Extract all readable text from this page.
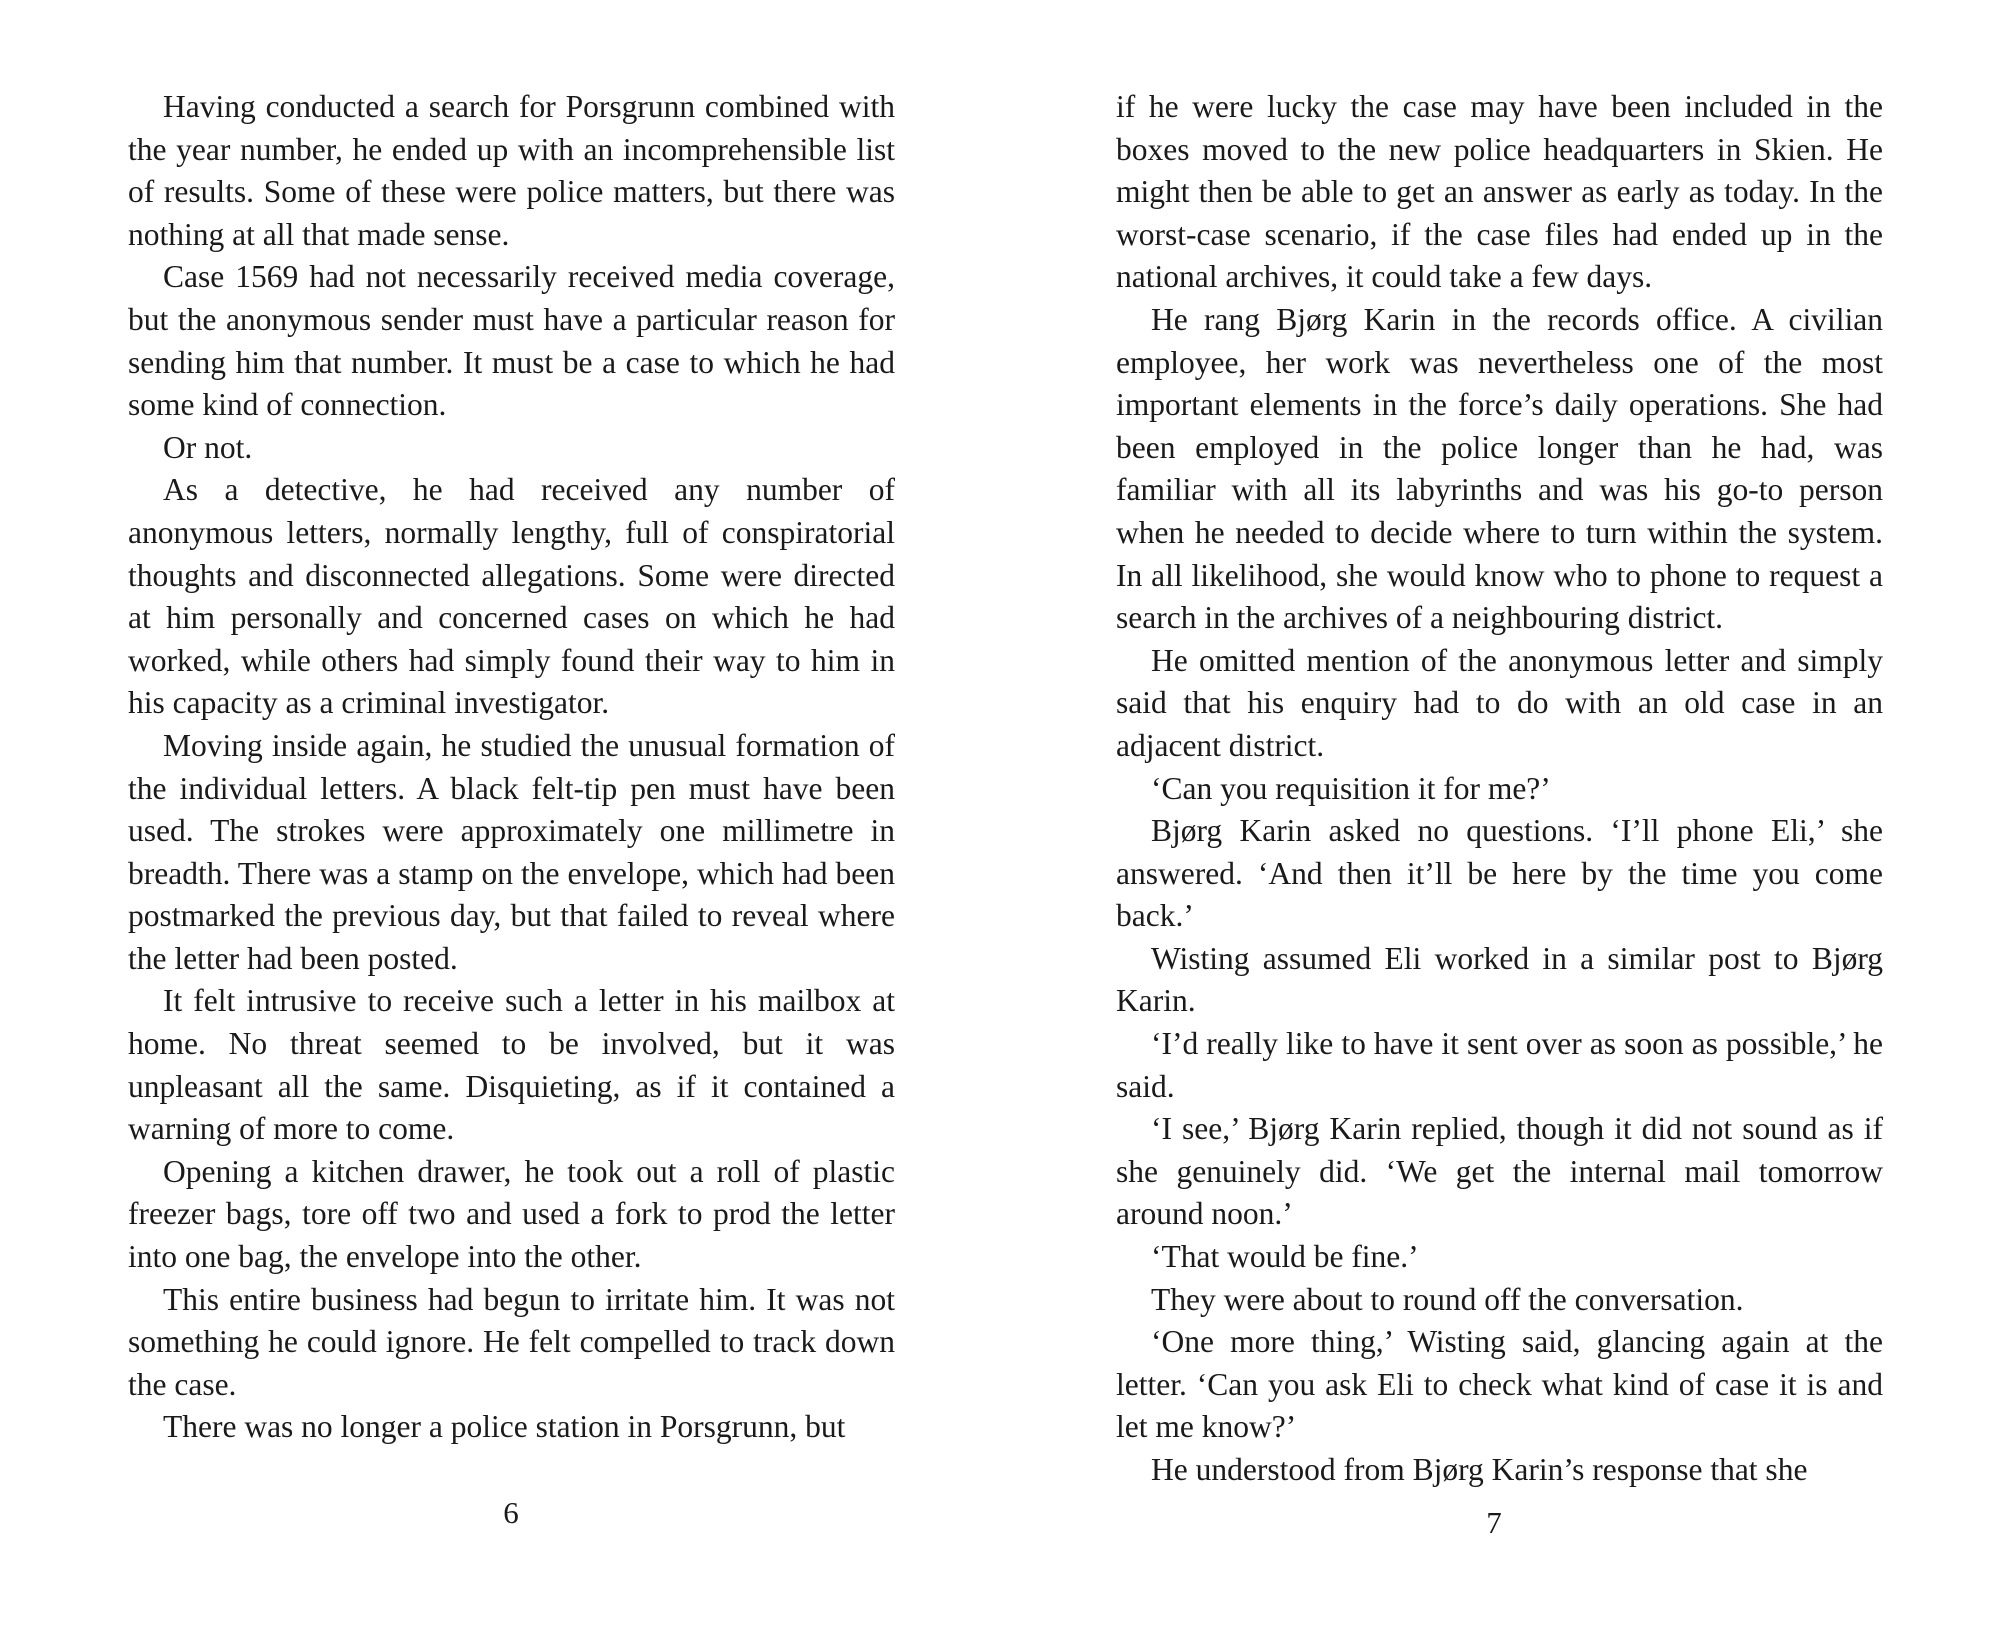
Having conducted a search for Porsgrunn combined with the year number, he ended up with an incomprehensible list of results. Some of these were police matters, but there was nothing at all that made sense.

Case 1569 had not necessarily received media coverage, but the anonymous sender must have a particular reason for sending him that number. It must be a case to which he had some kind of connection.

Or not.

As a detective, he had received any number of anonymous letters, normally lengthy, full of conspiratorial thoughts and disconnected allegations. Some were directed at him personally and concerned cases on which he had worked, while others had simply found their way to him in his capacity as a criminal investigator.

Moving inside again, he studied the unusual formation of the individual letters. A black felt-tip pen must have been used. The strokes were approximately one millimetre in breadth. There was a stamp on the envelope, which had been postmarked the previous day, but that failed to reveal where the letter had been posted.

It felt intrusive to receive such a letter in his mailbox at home. No threat seemed to be involved, but it was unpleasant all the same. Disquieting, as if it contained a warning of more to come.

Opening a kitchen drawer, he took out a roll of plastic freezer bags, tore off two and used a fork to prod the letter into one bag, the envelope into the other.

This entire business had begun to irritate him. It was not something he could ignore. He felt compelled to track down the case.

There was no longer a police station in Porsgrunn, but

6

if he were lucky the case may have been included in the boxes moved to the new police headquarters in Skien. He might then be able to get an answer as early as today. In the worst-case scenario, if the case files had ended up in the national archives, it could take a few days.

He rang Bjørg Karin in the records office. A civilian employee, her work was nevertheless one of the most important elements in the force’s daily operations. She had been employed in the police longer than he had, was familiar with all its labyrinths and was his go-to person when he needed to decide where to turn within the system. In all likelihood, she would know who to phone to request a search in the archives of a neighbouring district.

He omitted mention of the anonymous letter and simply said that his enquiry had to do with an old case in an adjacent district.

‘Can you requisition it for me?’

Bjørg Karin asked no questions. ‘I’ll phone Eli,’ she answered. ‘And then it’ll be here by the time you come back.’

Wisting assumed Eli worked in a similar post to Bjørg Karin.

‘I’d really like to have it sent over as soon as possible,’ he said.

‘I see,’ Bjørg Karin replied, though it did not sound as if she genuinely did. ‘We get the internal mail tomorrow around noon.’

‘That would be fine.’

They were about to round off the conversation.

‘One more thing,’ Wisting said, glancing again at the letter. ‘Can you ask Eli to check what kind of case it is and let me know?’

He understood from Bjørg Karin’s response that she

7
